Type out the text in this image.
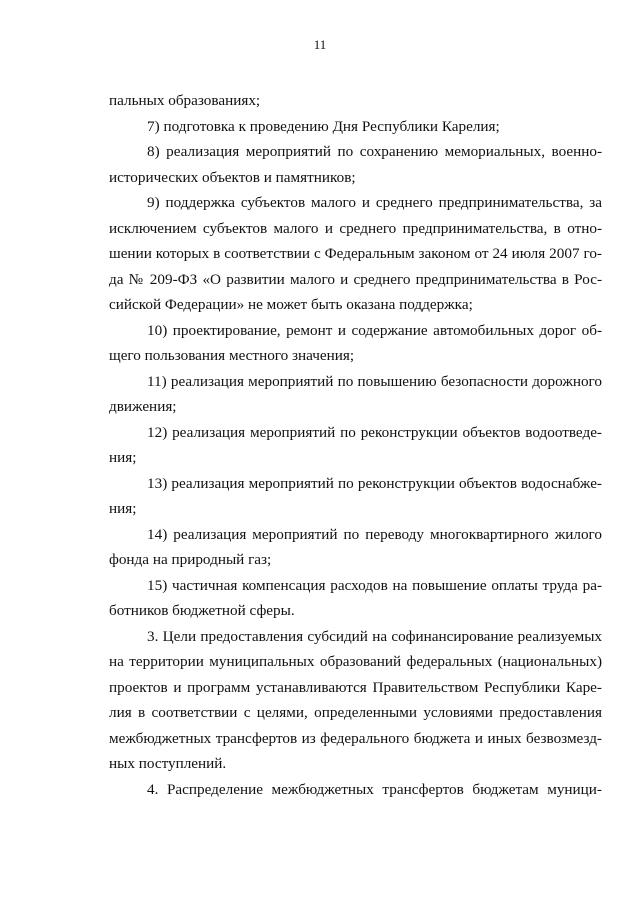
11
пальных образованиях;
7) подготовка к проведению Дня Республики Карелия;
8) реализация мероприятий по сохранению мемориальных, военно-
исторических объектов и памятников;
9) поддержка субъектов малого и среднего предпринимательства, за
исключением субъектов малого и среднего предпринимательства, в отно-
шении которых в соответствии с Федеральным законом от 24 июля 2007 го-
да № 209-ФЗ «О развитии малого и среднего предпринимательства в Рос-
сийской Федерации» не может быть оказана поддержка;
10) проектирование, ремонт и содержание автомобильных дорог об-
щего пользования местного значения;
11) реализация мероприятий по повышению безопасности дорожного
движения;
12) реализация мероприятий по реконструкции объектов водоотведе-
ния;
13) реализация мероприятий по реконструкции объектов водоснабже-
ния;
14) реализация мероприятий по переводу многоквартирного жилого
фонда на природный газ;
15) частичная компенсация расходов на повышение оплаты труда ра-
ботников бюджетной сферы.
3. Цели предоставления субсидий на софинансирование реализуемых
на территории муниципальных образований федеральных (национальных)
проектов и программ устанавливаются Правительством Республики Каре-
лия в соответствии с целями, определенными условиями предоставления
межбюджетных трансфертов из федерального бюджета и иных безвозмезд-
ных поступлений.
4. Распределение межбюджетных трансфертов бюджетам муници-
